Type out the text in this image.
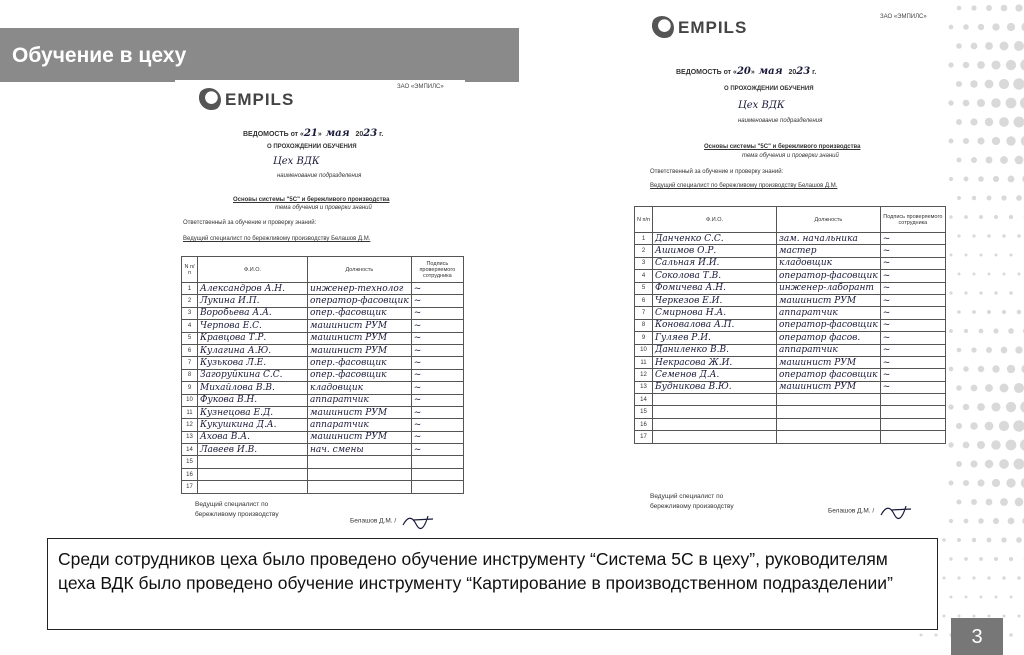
Обучение в цеху
EMPILS
ЗАО «ЭМПИЛС»
ВЕДОМОСТЬ от «21» мая 2023 г.
О ПРОХОЖДЕНИИ ОБУЧЕНИЯ
Цех ВДК
наименование подразделения
Основы системы "5С" и бережливого производства
тема обучения и проверки знаний
Ответственный за обучение и проверку знаний:
Ведущий специалист по бережливому производству Белашов Д.М.
N п/п	Ф.И.О.	Должность	Подпись проверяемого сотрудника
1	Александров А.Н.	инженер-технолог	~
2	Лукина И.П.	оператор-фасовщик	~
3	Воробьева А.А.	опер.-фасовщик	~
4	Черпова Е.С.	машинист РУМ	~
5	Кравцова Т.Р.	машинист РУМ	~
6	Кулагина А.Ю.	машинист РУМ	~
7	Кузькова Л.Е.	опер.-фасовщик	~
8	Загоруйкина С.С.	опер.-фасовщик	~
9	Михайлова В.В.	кладовщик	~
10	Фукова В.Н.	аппаратчик	~
11	Кузнецова Е.Д.	машинист РУМ	~
12	Кукушкина Д.А.	аппаратчик	~
13	Ахова В.А.	машинист РУМ	~
14	Лавеев И.В.	нач. смены	~
15			
16			
17			
Ведущий специалист по
бережливому производству
Белашов Д.М. /
EMPILS
ЗАО «ЭМПИЛС»
ВЕДОМОСТЬ от «20» мая 2023 г.
О ПРОХОЖДЕНИИ ОБУЧЕНИЯ
Цех ВДК
наименование подразделения
Основы системы "5С" и бережливого производства
тема обучения и проверки знаний
Ответственный за обучение и проверку знаний:
Ведущий специалист по бережливому производству Белашов Д.М.
N п/п	Ф.И.О.	Должность	Подпись проверяемого сотрудника
1	Данченко С.С.	зам. начальника	~
2	Ашимов О.Р.	мастер	~
3	Сальная И.И.	кладовщик	~
4	Соколова Т.В.	оператор-фасовщик	~
5	Фомичева А.Н.	инженер-лаборант	~
6	Черкезов Е.И.	машинист РУМ	~
7	Смирнова Н.А.	аппаратчик	~
8	Коновалова А.П.	оператор-фасовщик	~
9	Гуляев Р.И.	оператор фасов.	~
10	Даниленко В.В.	аппаратчик	~
11	Некрасова Ж.И.	машинист РУМ	~
12	Семенов Д.А.	оператор фасовщик	~
13	Будникова В.Ю.	машинист РУМ	~
14			
15			
16			
17			
Ведущий специалист по
бережливому производству
Белашов Д.М. /
Среди сотрудников цеха было проведено обучение инструменту “Система 5С в цеху”, руководителям цеха ВДК было проведено обучение инструменту “Картирование в производственном подразделении”
3
